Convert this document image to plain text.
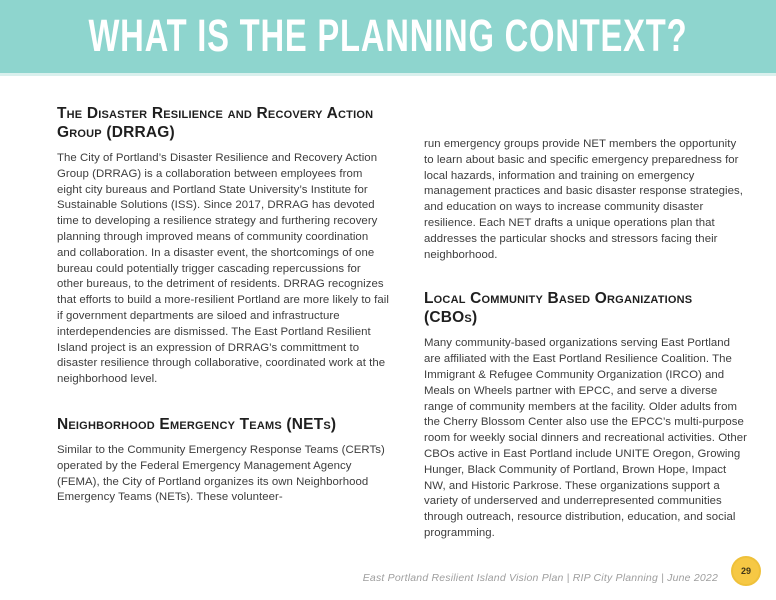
WHAT IS THE PLANNING CONTEXT?
The Disaster Resilience and Recovery Action Group (DRRAG)

The City of Portland’s Disaster Resilience and Recovery Action Group (DRRAG) is a collaboration between employees from eight city bureaus and Portland State University’s Institute for Sustainable Solutions (ISS). Since 2017, DRRAG has devoted time to developing a resilience strategy and furthering recovery planning through improved means of community coordination and collaboration. In a disaster event, the shortcomings of one bureau could potentially trigger cascading repercussions for other bureaus, to the detriment of residents. DRRAG recognizes that efforts to build a more-resilient Portland are more likely to fail if government departments are siloed and infrastructure interdependencies are dismissed. The East Portland Resilient Island project is an expression of DRRAG’s committment to disaster resilience through collaborative, coordinated work at the neighborhood level.

Neighborhood Emergency Teams (NETs)

Similar to the Community Emergency Response Teams (CERTs) operated by the Federal Emergency Management Agency (FEMA), the City of Portland organizes its own Neighborhood Emergency Teams (NETs). These volunteer-

run emergency groups provide NET members the opportunity to learn about basic and specific emergency preparedness for local hazards, information and training on emergency management practices and basic disaster response strategies, and education on ways to increase community disaster resilience. Each NET drafts a unique operations plan that addresses the particular shocks and stressors facing their neighborhood.

Local Community Based Organizations (CBOs)

Many community-based organizations serving East Portland are affiliated with the East Portland Resilience Coalition. The Immigrant & Refugee Community Organization (IRCO) and Meals on Wheels partner with EPCC, and serve a diverse range of community members at the facility. Older adults from the Cherry Blossom Center also use the EPCC’s multi-purpose room for weekly social dinners and recreational activities. Other CBOs active in East Portland include UNITE Oregon, Growing Hunger, Black Community of Portland, Brown Hope, Impact NW, and Historic Parkrose. These organizations support a variety of underserved and underrepresented communities through outreach, resource distribution, education, and social programming.

East Portland Resilient Island Vision Plan | RIP City Planning | June 2022
29
